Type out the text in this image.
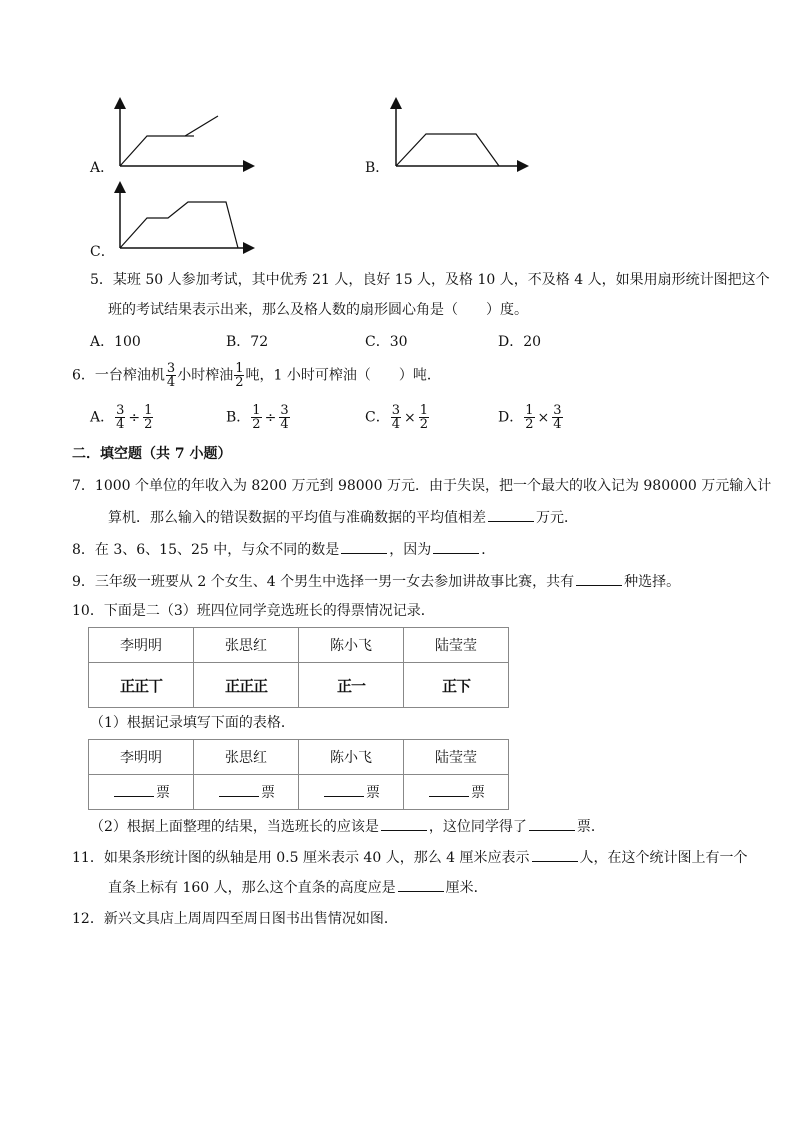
A．	B．
C．
5．某班 50 人参加考试，其中优秀 21 人，良好 15 人，及格 10 人，不及格 4 人，如果用扇形统计图把这个
班的考试结果表示出来，那么及格人数的扇形圆心角是（　　）度。
A．100	B．72	C．30	D．20
6．一台榨油机 $\frac{3}{4}$ 小时榨油 $\frac{1}{2}$ 吨，1 小时可榨油（　　）吨．
A． $\frac{3}{4} \div \frac{1}{2}$	B． $\frac{1}{2} \div \frac{3}{4}$	C． $\frac{3}{4} \times \frac{1}{2}$	D． $\frac{1}{2} \times \frac{3}{4}$
二．填空题（共 7 小题）
7．1000 个单位的年收入为 8200 万元到 98000 万元．由于失误，把一个最大的收入记为 980000 万元输入计
算机．那么输入的错误数据的平均值与准确数据的平均值相差	万元．
8．在 3、6、15、25 中，与众不同的数是	，因为	．
9．三年级一班要从 2 个女生、4 个男生中选择一男一女去参加讲故事比赛，共有	种选择。
10．下面是二（3）班四位同学竞选班长的得票情况记录．
李明明	张思红	陈小飞	陆莹莹
正正丅	正正正	正一	正下
（1）根据记录填写下面的表格．
李明明	张思红	陈小飞	陆莹莹
票	票	票	票
（2）根据上面整理的结果，当选班长的应该是	，这位同学得了	票．
11．如果条形统计图的纵轴是用 0.5 厘米表示 40 人，那么 4 厘米应表示	人，在这个统计图上有一个
直条上标有 160 人，那么这个直条的高度应是	厘米．
12．新兴文具店上周周四至周日图书出售情况如图．
